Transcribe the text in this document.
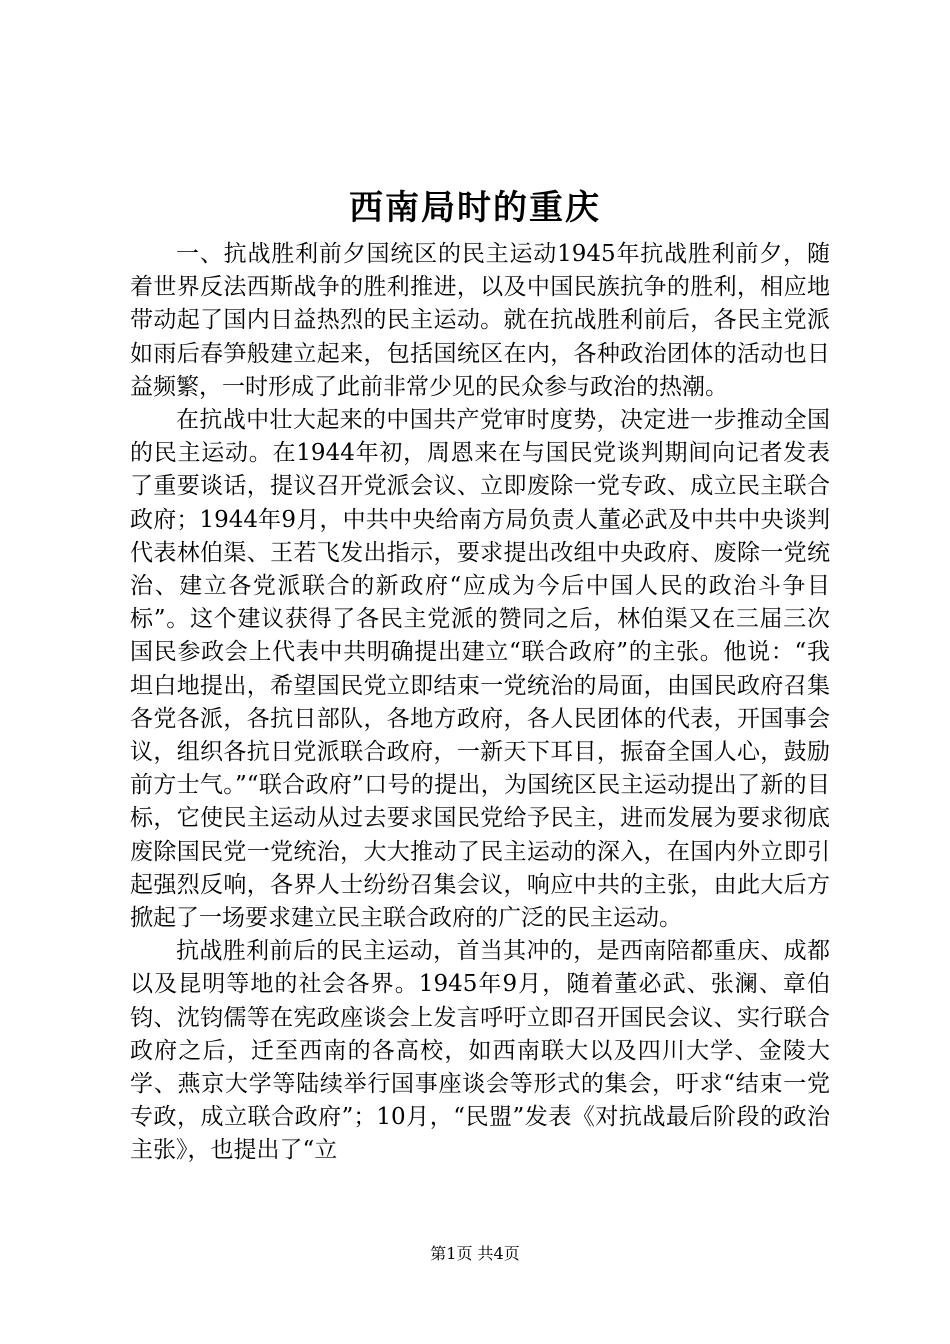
西南局时的重庆

一、抗战胜利前夕国统区的民主运动1945年抗战胜利前夕，随着世界反法西斯战争的胜利推进，以及中国民族抗争的胜利，相应地带动起了国内日益热烈的民主运动。就在抗战胜利前后，各民主党派如雨后春笋般建立起来，包括国统区在内，各种政治团体的活动也日益频繁，一时形成了此前非常少见的民众参与政治的热潮。

在抗战中壮大起来的中国共产党审时度势，决定进一步推动全国的民主运动。在1944年初，周恩来在与国民党谈判期间向记者发表了重要谈话，提议召开党派会议、立即废除一党专政、成立民主联合政府；1944年9月，中共中央给南方局负责人董必武及中共中央谈判代表林伯渠、王若飞发出指示，要求提出改组中央政府、废除一党统治、建立各党派联合的新政府“应成为今后中国人民的政治斗争目标”。这个建议获得了各民主党派的赞同之后，林伯渠又在三届三次国民参政会上代表中共明确提出建立“联合政府”的主张。他说：“我坦白地提出，希望国民党立即结束一党统治的局面，由国民政府召集各党各派，各抗日部队，各地方政府，各人民团体的代表，开国事会议，组织各抗日党派联合政府，一新天下耳目，振奋全国人心，鼓励前方士气。”“联合政府”口号的提出，为国统区民主运动提出了新的目标，它使民主运动从过去要求国民党给予民主，进而发展为要求彻底废除国民党一党统治，大大推动了民主运动的深入，在国内外立即引起强烈反响，各界人士纷纷召集会议，响应中共的主张，由此大后方掀起了一场要求建立民主联合政府的广泛的民主运动。

抗战胜利前后的民主运动，首当其冲的，是西南陪都重庆、成都以及昆明等地的社会各界。1945年9月，随着董必武、张澜、章伯钧、沈钧儒等在宪政座谈会上发言呼吁立即召开国民会议、实行联合政府之后，迁至西南的各高校，如西南联大以及四川大学、金陵大学、燕京大学等陆续举行国事座谈会等形式的集会，吁求“结束一党专政，成立联合政府”；10月，“民盟”发表《对抗战最后阶段的政治主张》，也提出了“立

第1页 共4页
